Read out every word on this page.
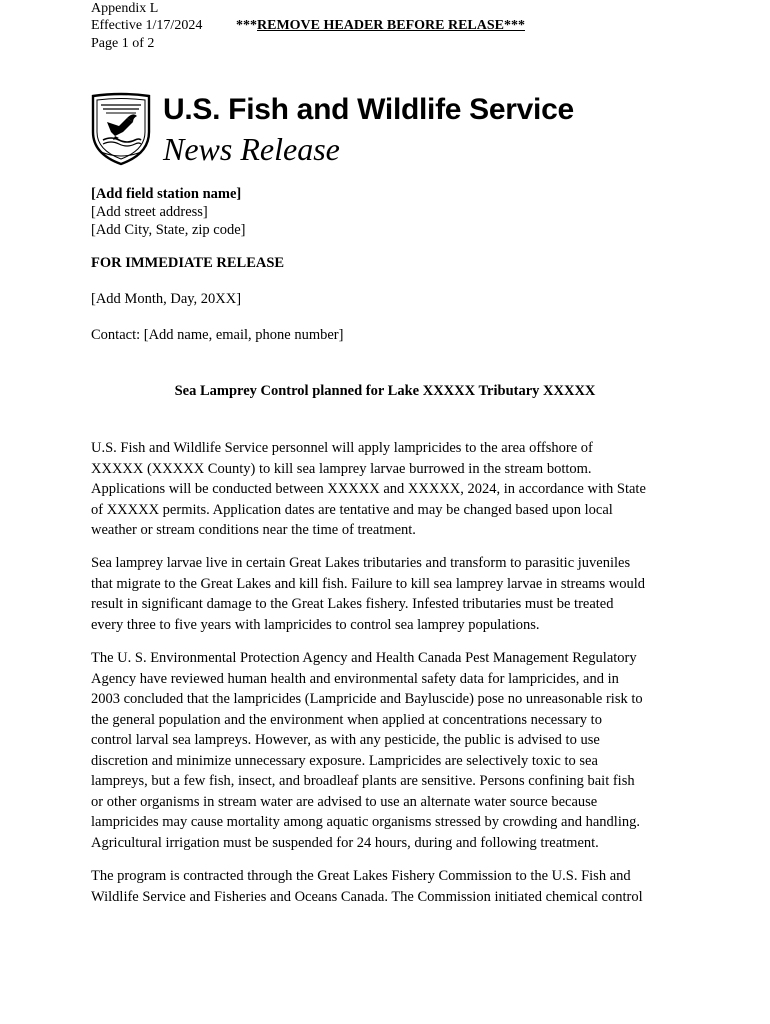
Appendix L
Effective 1/17/2024
Page 1 of 2
***REMOVE HEADER BEFORE RELASE***
U.S. Fish and Wildlife Service
News Release
[Add field station name]
[Add street address]
[Add City, State, zip code]
FOR IMMEDIATE RELEASE
[Add Month, Day, 20XX]
Contact: [Add name, email, phone number]
Sea Lamprey Control planned for Lake XXXXX Tributary XXXXX
U.S. Fish and Wildlife Service personnel will apply lampricides to the area offshore of
XXXXX (XXXXX County) to kill sea lamprey larvae burrowed in the stream bottom.
Applications will be conducted between XXXXX and XXXXX, 2024, in accordance with State
of XXXXX permits. Application dates are tentative and may be changed based upon local
weather or stream conditions near the time of treatment.
Sea lamprey larvae live in certain Great Lakes tributaries and transform to parasitic juveniles
that migrate to the Great Lakes and kill fish. Failure to kill sea lamprey larvae in streams would
result in significant damage to the Great Lakes fishery. Infested tributaries must be treated
every three to five years with lampricides to control sea lamprey populations.
The U. S. Environmental Protection Agency and Health Canada Pest Management Regulatory
Agency have reviewed human health and environmental safety data for lampricides, and in
2003 concluded that the lampricides (Lampricide and Bayluscide) pose no unreasonable risk to
the general population and the environment when applied at concentrations necessary to
control larval sea lampreys. However, as with any pesticide, the public is advised to use
discretion and minimize unnecessary exposure. Lampricides are selectively toxic to sea
lampreys, but a few fish, insect, and broadleaf plants are sensitive. Persons confining bait fish
or other organisms in stream water are advised to use an alternate water source because
lampricides may cause mortality among aquatic organisms stressed by crowding and handling.
Agricultural irrigation must be suspended for 24 hours, during and following treatment.
The program is contracted through the Great Lakes Fishery Commission to the U.S. Fish and
Wildlife Service and Fisheries and Oceans Canada. The Commission initiated chemical control
